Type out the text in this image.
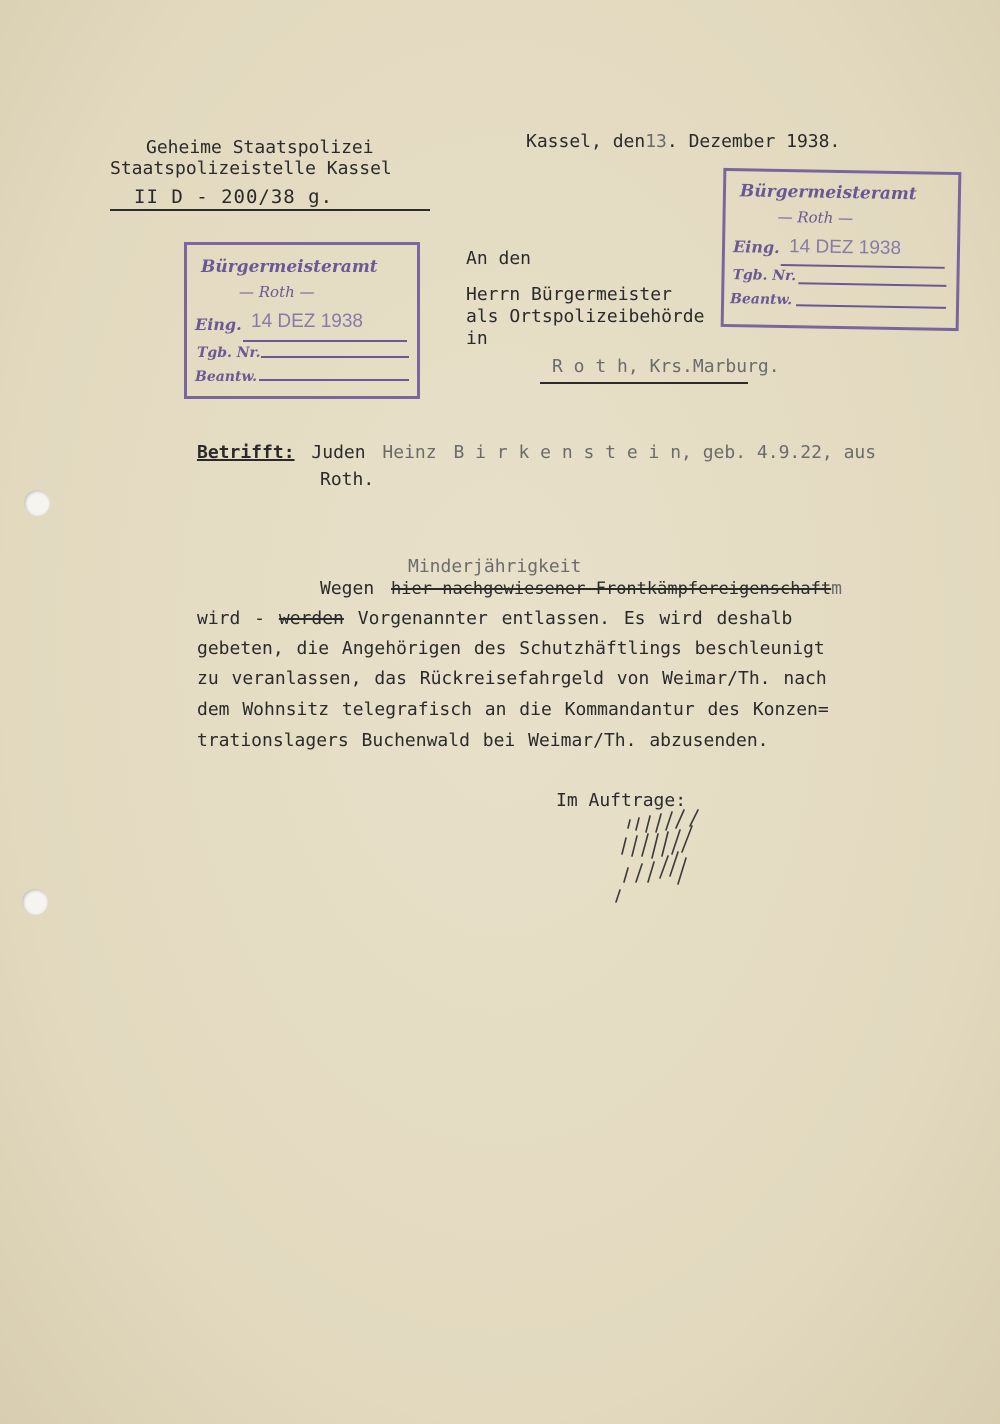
Geheime Staatspolizei
Staatspolizeistelle Kassel
II D - 200/38 g.
Kassel, den13. Dezember 1938.
An den
Herrn Bürgermeister
als Ortspolizeibehörde
in
R o t h, Krs.Marburg.
Bürgermeisteramt
— Roth —
Eing. 14 DEZ 1938
Tgb. Nr.
Beantw.
Bürgermeisteramt
— Roth —
Eing. 14 DEZ 1938
Tgb. Nr.
Beantw.
Betrifft: Juden Heinz B i r k e n s t e i n, geb. 4.9.22, aus
Roth.
Minderjährigkeit
Wegen hier nachgewiesener Frontkämpfereigenschaftm
wird - werden Vorgenannter entlassen. Es wird deshalb
gebeten, die Angehörigen des Schutzhäftlings beschleunigt
zu veranlassen, das Rückreisefahrgeld von Weimar/Th. nach
dem Wohnsitz telegrafisch an die Kommandantur des Konzen=
trationslagers Buchenwald bei Weimar/Th. abzusenden.
Im Auftrage:
